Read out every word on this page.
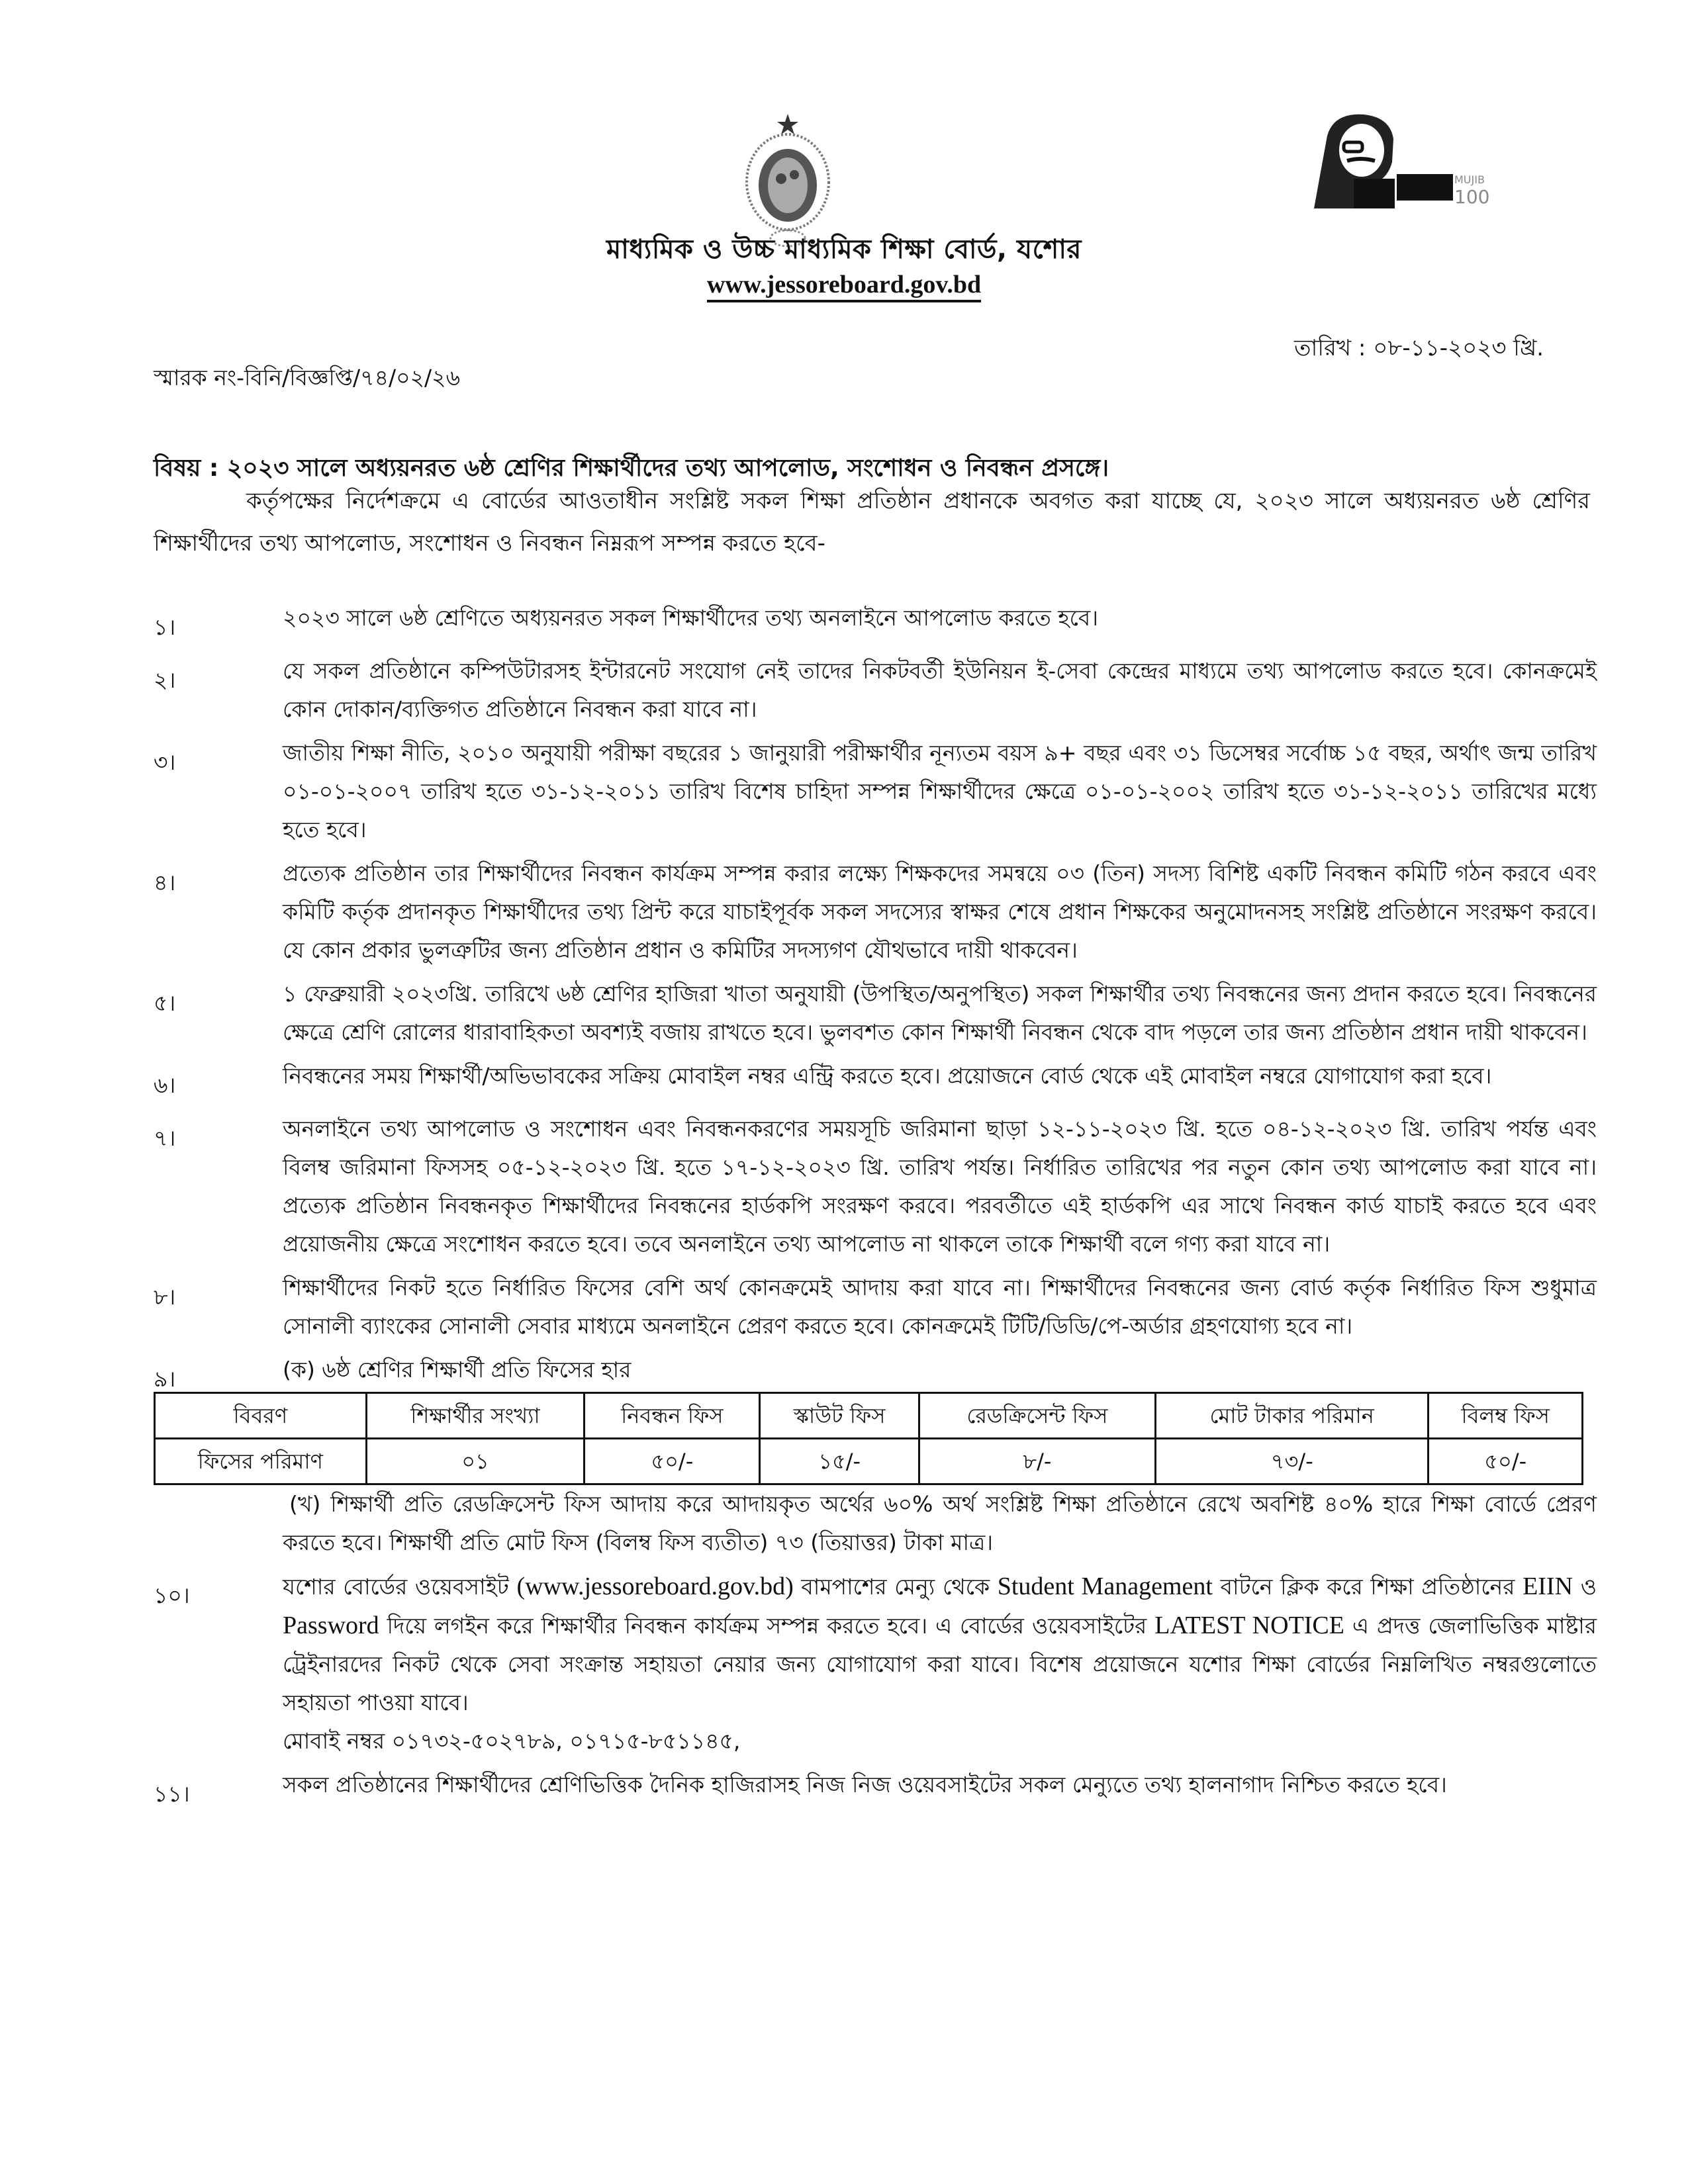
MUJIB
100
মাধ্যমিক ও উচ্চ মাধ্যমিক শিক্ষা বোর্ড, যশোর
www.jessoreboard.gov.bd
তারিখ : ০৮-১১-২০২৩ খ্রি.
স্মারক নং-বিনি/বিজ্ঞপ্তি/৭৪/০২/২৬
বিষয় : ২০২৩ সালে অধ্যয়নরত ৬ষ্ঠ শ্রেণির শিক্ষার্থীদের তথ্য আপলোড, সংশোধন ও নিবন্ধন প্রসঙ্গে।
কর্তৃপক্ষের নির্দেশক্রমে এ বোর্ডের আওতাধীন সংশ্লিষ্ট সকল শিক্ষা প্রতিষ্ঠান প্রধানকে অবগত করা যাচ্ছে যে, ২০২৩ সালে অধ্যয়নরত ৬ষ্ঠ শ্রেণির শিক্ষার্থীদের তথ্য আপলোড, সংশোধন ও নিবন্ধন নিম্নরূপ সম্পন্ন করতে হবে-
১।	২০২৩ সালে ৬ষ্ঠ শ্রেণিতে অধ্যয়নরত সকল শিক্ষার্থীদের তথ্য অনলাইনে আপলোড করতে হবে।
২।	যে সকল প্রতিষ্ঠানে কম্পিউটারসহ ইন্টারনেট সংযোগ নেই তাদের নিকটবর্তী ইউনিয়ন ই-সেবা কেন্দ্রের মাধ্যমে তথ্য আপলোড করতে হবে। কোনক্রমেই কোন দোকান/ব্যক্তিগত প্রতিষ্ঠানে নিবন্ধন করা যাবে না।
৩।	জাতীয় শিক্ষা নীতি, ২০১০ অনুযায়ী পরীক্ষা বছরের ১ জানুয়ারী পরীক্ষার্থীর নূন্যতম বয়স ৯+ বছর এবং ৩১ ডিসেম্বর সর্বোচ্চ ১৫ বছর, অর্থাৎ জন্ম তারিখ ০১-০১-২০০৭ তারিখ হতে ৩১-১২-২০১১ তারিখ বিশেষ চাহিদা সম্পন্ন শিক্ষার্থীদের ক্ষেত্রে ০১-০১-২০০২ তারিখ হতে ৩১-১২-২০১১ তারিখের মধ্যে হতে হবে।
৪।	প্রত্যেক প্রতিষ্ঠান তার শিক্ষার্থীদের নিবন্ধন কার্যক্রম সম্পন্ন করার লক্ষ্যে শিক্ষকদের সমন্বয়ে ০৩ (তিন) সদস্য বিশিষ্ট একটি নিবন্ধন কমিটি গঠন করবে এবং কমিটি কর্তৃক প্রদানকৃত শিক্ষার্থীদের তথ্য প্রিন্ট করে যাচাইপূর্বক সকল সদস্যের স্বাক্ষর শেষে প্রধান শিক্ষকের অনুমোদনসহ সংশ্লিষ্ট প্রতিষ্ঠানে সংরক্ষণ করবে। যে কোন প্রকার ভুলত্রুটির জন্য প্রতিষ্ঠান প্রধান ও কমিটির সদস্যগণ যৌথভাবে দায়ী থাকবেন।
৫।	১ ফেব্রুয়ারী ২০২৩খ্রি. তারিখে ৬ষ্ঠ শ্রেণির হাজিরা খাতা অনুযায়ী (উপস্থিত/অনুপস্থিত) সকল শিক্ষার্থীর তথ্য নিবন্ধনের জন্য প্রদান করতে হবে। নিবন্ধনের ক্ষেত্রে শ্রেণি রোলের ধারাবাহিকতা অবশ্যই বজায় রাখতে হবে। ভুলবশত কোন শিক্ষার্থী নিবন্ধন থেকে বাদ পড়লে তার জন্য প্রতিষ্ঠান প্রধান দায়ী থাকবেন।
৬।	নিবন্ধনের সময় শিক্ষার্থী/অভিভাবকের সক্রিয় মোবাইল নম্বর এন্ট্রি করতে হবে। প্রয়োজনে বোর্ড থেকে এই মোবাইল নম্বরে যোগাযোগ করা হবে।
৭।	অনলাইনে তথ্য আপলোড ও সংশোধন এবং নিবন্ধনকরণের সময়সূচি জরিমানা ছাড়া ১২-১১-২০২৩ খ্রি. হতে ০৪-১২-২০২৩ খ্রি. তারিখ পর্যন্ত এবং বিলম্ব জরিমানা ফিসসহ ০৫-১২-২০২৩ খ্রি. হতে ১৭-১২-২০২৩ খ্রি. তারিখ পর্যন্ত। নির্ধারিত তারিখের পর নতুন কোন তথ্য আপলোড করা যাবে না। প্রত্যেক প্রতিষ্ঠান নিবন্ধনকৃত শিক্ষার্থীদের নিবন্ধনের হার্ডকপি সংরক্ষণ করবে। পরবর্তীতে এই হার্ডকপি এর সাথে নিবন্ধন কার্ড যাচাই করতে হবে এবং প্রয়োজনীয় ক্ষেত্রে সংশোধন করতে হবে। তবে অনলাইনে তথ্য আপলোড না থাকলে তাকে শিক্ষার্থী বলে গণ্য করা যাবে না।
৮।	শিক্ষার্থীদের নিকট হতে নির্ধারিত ফিসের বেশি অর্থ কোনক্রমেই আদায় করা যাবে না। শিক্ষার্থীদের নিবন্ধনের জন্য বোর্ড কর্তৃক নির্ধারিত ফিস শুধুমাত্র সোনালী ব্যাংকের সোনালী সেবার মাধ্যমে অনলাইনে প্রেরণ করতে হবে। কোনক্রমেই টিটি/ডিডি/পে-অর্ডার গ্রহণযোগ্য হবে না।
৯।	(ক) ৬ষ্ঠ শ্রেণির শিক্ষার্থী প্রতি ফিসের হার
বিবরণ	শিক্ষার্থীর সংখ্যা	নিবন্ধন ফিস	স্কাউট ফিস	রেডক্রিসেন্ট ফিস	মোট টাকার পরিমান	বিলম্ব ফিস
ফিসের পরিমাণ	০১	৫০/-	১৫/-	৮/-	৭৩/-	৫০/-
(খ) শিক্ষার্থী প্রতি রেডক্রিসেন্ট ফিস আদায় করে আদায়কৃত অর্থের ৬০% অর্থ সংশ্লিষ্ট শিক্ষা প্রতিষ্ঠানে রেখে অবশিষ্ট ৪০% হারে শিক্ষা বোর্ডে প্রেরণ করতে হবে। শিক্ষার্থী প্রতি মোট ফিস (বিলম্ব ফিস ব্যতীত) ৭৩ (তিয়াত্তর) টাকা মাত্র।
১০।	যশোর বোর্ডের ওয়েবসাইট (www.jessoreboard.gov.bd) বামপাশের মেন্যু থেকে Student Management বাটনে ক্লিক করে শিক্ষা প্রতিষ্ঠানের EIIN ও Password দিয়ে লগইন করে শিক্ষার্থীর নিবন্ধন কার্যক্রম সম্পন্ন করতে হবে। এ বোর্ডের ওয়েবসাইটের LATEST NOTICE এ প্রদত্ত জেলাভিত্তিক মাষ্টার ট্রেইনারদের নিকট থেকে সেবা সংক্রান্ত সহায়তা নেয়ার জন্য যোগাযোগ করা যাবে। বিশেষ প্রয়োজনে যশোর শিক্ষা বোর্ডের নিম্নলিখিত নম্বরগুলোতে সহায়তা পাওয়া যাবে।
মোবাই নম্বর ০১৭৩২-৫০২৭৮৯, ০১৭১৫-৮৫১১৪৫,
১১।	সকল প্রতিষ্ঠানের শিক্ষার্থীদের শ্রেণিভিত্তিক দৈনিক হাজিরাসহ নিজ নিজ ওয়েবসাইটের সকল মেন্যুতে তথ্য হালনাগাদ নিশ্চিত করতে হবে।
